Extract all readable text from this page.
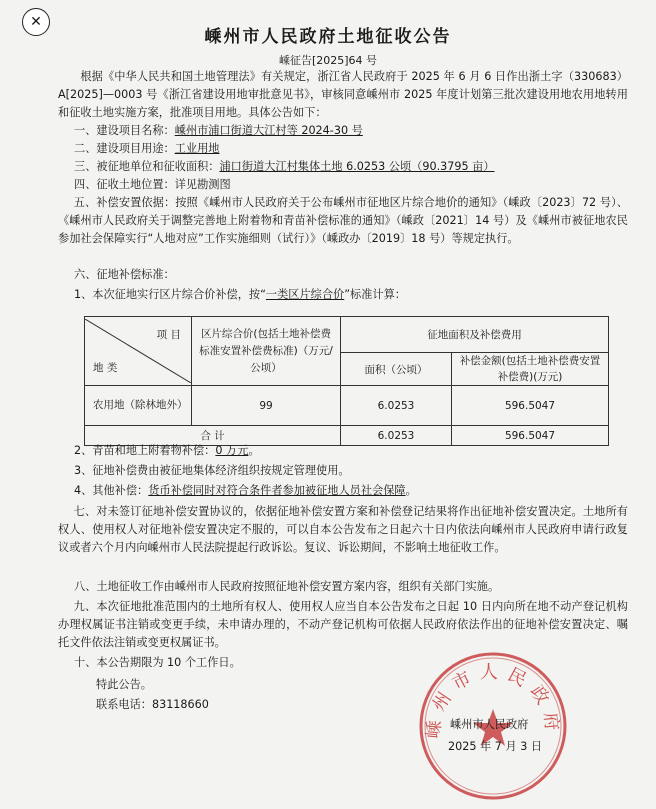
✕
嵊州市人民政府土地征收公告
嵊征告[2025]64 号
根据《中华人民共和国土地管理法》有关规定，浙江省人民政府于 2025 年 6 月 6 日作出浙土字（330683）A[2025]—0003 号《浙江省建设用地审批意见书》，审核同意嵊州市 2025 年度计划第三批次建设用地农用地转用和征收土地实施方案，批准项目用地。具体公告如下：
一、建设项目名称：嵊州市浦口街道大江村等 2024-30 号
二、建设项目用途：工业用地
三、被征地单位和征收面积：浦口街道大江村集体土地 6.0253 公顷（90.3795 亩）
四、征收土地位置：详见勘测图
五、补偿安置依据：按照《嵊州市人民政府关于公布嵊州市征地区片综合地价的通知》（嵊政〔2023〕72 号）、《嵊州市人民政府关于调整完善地上附着物和青苗补偿标准的通知》（嵊政〔2021〕14 号）及《嵊州市被征地农民参加社会保障实行“人地对应”工作实施细则（试行）》（嵊政办〔2019〕18 号）等规定执行。
六、征地补偿标准：
1、本次征地实行区片综合价补偿，按“一类区片综合价”标准计算：
项 目
地 类	区片综合价(包括土地补偿费标准安置补偿费标准)（万元/公顷）	征地面积及补偿费用	
		面积（公顷）	补偿金额(包括土地补偿费安置补偿费)(万元)
农用地（除林地外）	99	6.0253	596.5047
合 计		6.0253	596.5047
2、青苗和地上附着物补偿：0 万元。
3、征地补偿费由被征地集体经济组织按规定管理使用。
4、其他补偿：货币补偿同时对符合条件者参加被征地人员社会保障。
七、对未签订征地补偿安置协议的，依据征地补偿安置方案和补偿登记结果将作出征地补偿安置决定。土地所有权人、使用权人对征地补偿安置决定不服的，可以自本公告发布之日起六十日内依法向嵊州市人民政府申请行政复议或者六个月内向嵊州市人民法院提起行政诉讼。复议、诉讼期间，不影响土地征收工作。
八、土地征收工作由嵊州市人民政府按照征地补偿安置方案内容，组织有关部门实施。
九、本次征地批准范围内的土地所有权人、使用权人应当自本公告发布之日起 10 日内向所在地不动产登记机构办理权属证书注销或变更手续，未申请办理的，不动产登记机构可依据人民政府依法作出的征地补偿安置决定、嘱托文件依法注销或变更权属证书。
十、本公告期限为 10 个工作日。
特此公告。
联系电话：83118660
嵊州市人民政府
嵊州市人民政府
2025 年 7 月 3 日
